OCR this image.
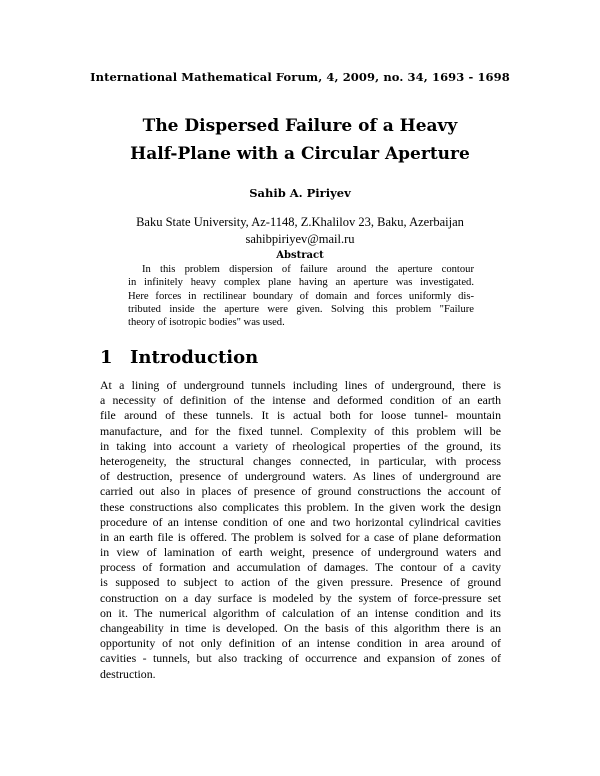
International Mathematical Forum, 4, 2009, no. 34, 1693 - 1698
The Dispersed Failure of a Heavy
Half-Plane with a Circular Aperture
Sahib A. Piriyev
Baku State University, Az-1148, Z.Khalilov 23, Baku, Azerbaijan
sahibpiriyev@mail.ru
Abstract
In this problem dispersion of failure around the aperture contour
in infinitely heavy complex plane having an aperture was investigated.
Here forces in rectilinear boundary of domain and forces uniformly dis-
tributed inside the aperture were given. Solving this problem "Failure
theory of isotropic bodies" was used.
1 Introduction
At a lining of underground tunnels including lines of underground, there is
a necessity of definition of the intense and deformed condition of an earth
file around of these tunnels. It is actual both for loose tunnel- mountain
manufacture, and for the fixed tunnel. Complexity of this problem will be
in taking into account a variety of rheological properties of the ground, its
heterogeneity, the structural changes connected, in particular, with process
of destruction, presence of underground waters. As lines of underground are
carried out also in places of presence of ground constructions the account of
these constructions also complicates this problem. In the given work the design
procedure of an intense condition of one and two horizontal cylindrical cavities
in an earth file is offered. The problem is solved for a case of plane deformation
in view of lamination of earth weight, presence of underground waters and
process of formation and accumulation of damages. The contour of a cavity
is supposed to subject to action of the given pressure. Presence of ground
construction on a day surface is modeled by the system of force-pressure set
on it. The numerical algorithm of calculation of an intense condition and its
changeability in time is developed. On the basis of this algorithm there is an
opportunity of not only definition of an intense condition in area around of
cavities - tunnels, but also tracking of occurrence and expansion of zones of
destruction.
